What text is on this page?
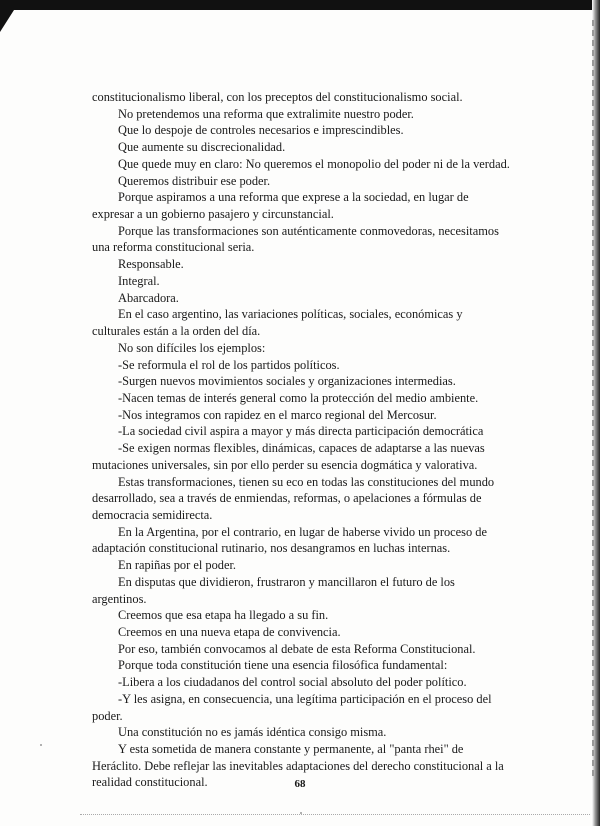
constitucionalismo liberal, con los preceptos del constitucionalismo social.

No pretendemos una reforma que extralimite nuestro poder.

Que lo despoje de controles necesarios e imprescindibles.

Que aumente su discrecionalidad.

Que quede muy en claro: No queremos el monopolio del poder ni de la verdad.

Queremos distribuir ese poder.

Porque aspiramos a una reforma que exprese a la sociedad, en lugar de expresar a un gobierno pasajero y circunstancial.

Porque las transformaciones son auténticamente conmovedoras, necesitamos una reforma constitucional seria.

Responsable.

Integral.

Abarcadora.

En el caso argentino, las variaciones políticas, sociales, económicas y culturales están a la orden del día.

No son difíciles los ejemplos:

-Se reformula el rol de los partidos políticos.

-Surgen nuevos movimientos sociales y organizaciones intermedias.

-Nacen temas de interés general como la protección del medio ambiente.

-Nos integramos con rapidez en el marco regional del Mercosur.

-La sociedad civil aspira a mayor y más directa participación democrática

-Se exigen normas flexibles, dinámicas, capaces de adaptarse a las nuevas mutaciones universales, sin por ello perder su esencia dogmática y valorativa.

Estas transformaciones, tienen su eco en todas las constituciones del mundo desarrollado, sea a través de enmiendas, reformas, o apelaciones a fórmulas de democracia semidirecta.

En la Argentina, por el contrario, en lugar de haberse vivido un proceso de adaptación constitucional rutinario, nos desangramos en luchas internas.

En rapiñas por el poder.

En disputas que dividieron, frustraron y mancillaron el futuro de los argentinos.

Creemos que esa etapa ha llegado a su fin.

Creemos en una nueva etapa de convivencia.

Por eso, también convocamos al debate de esta Reforma Constitucional.

Porque toda constitución tiene una esencia filosófica fundamental:

-Libera a los ciudadanos del control social absoluto del poder político.

-Y les asigna, en consecuencia, una legítima participación en el proceso del poder.

Una constitución no es jamás idéntica consigo misma.

Y esta sometida de manera constante y permanente, al "panta rhei" de Heráclito. Debe reflejar las inevitables adaptaciones del derecho constitucional a la realidad constitucional.	68
